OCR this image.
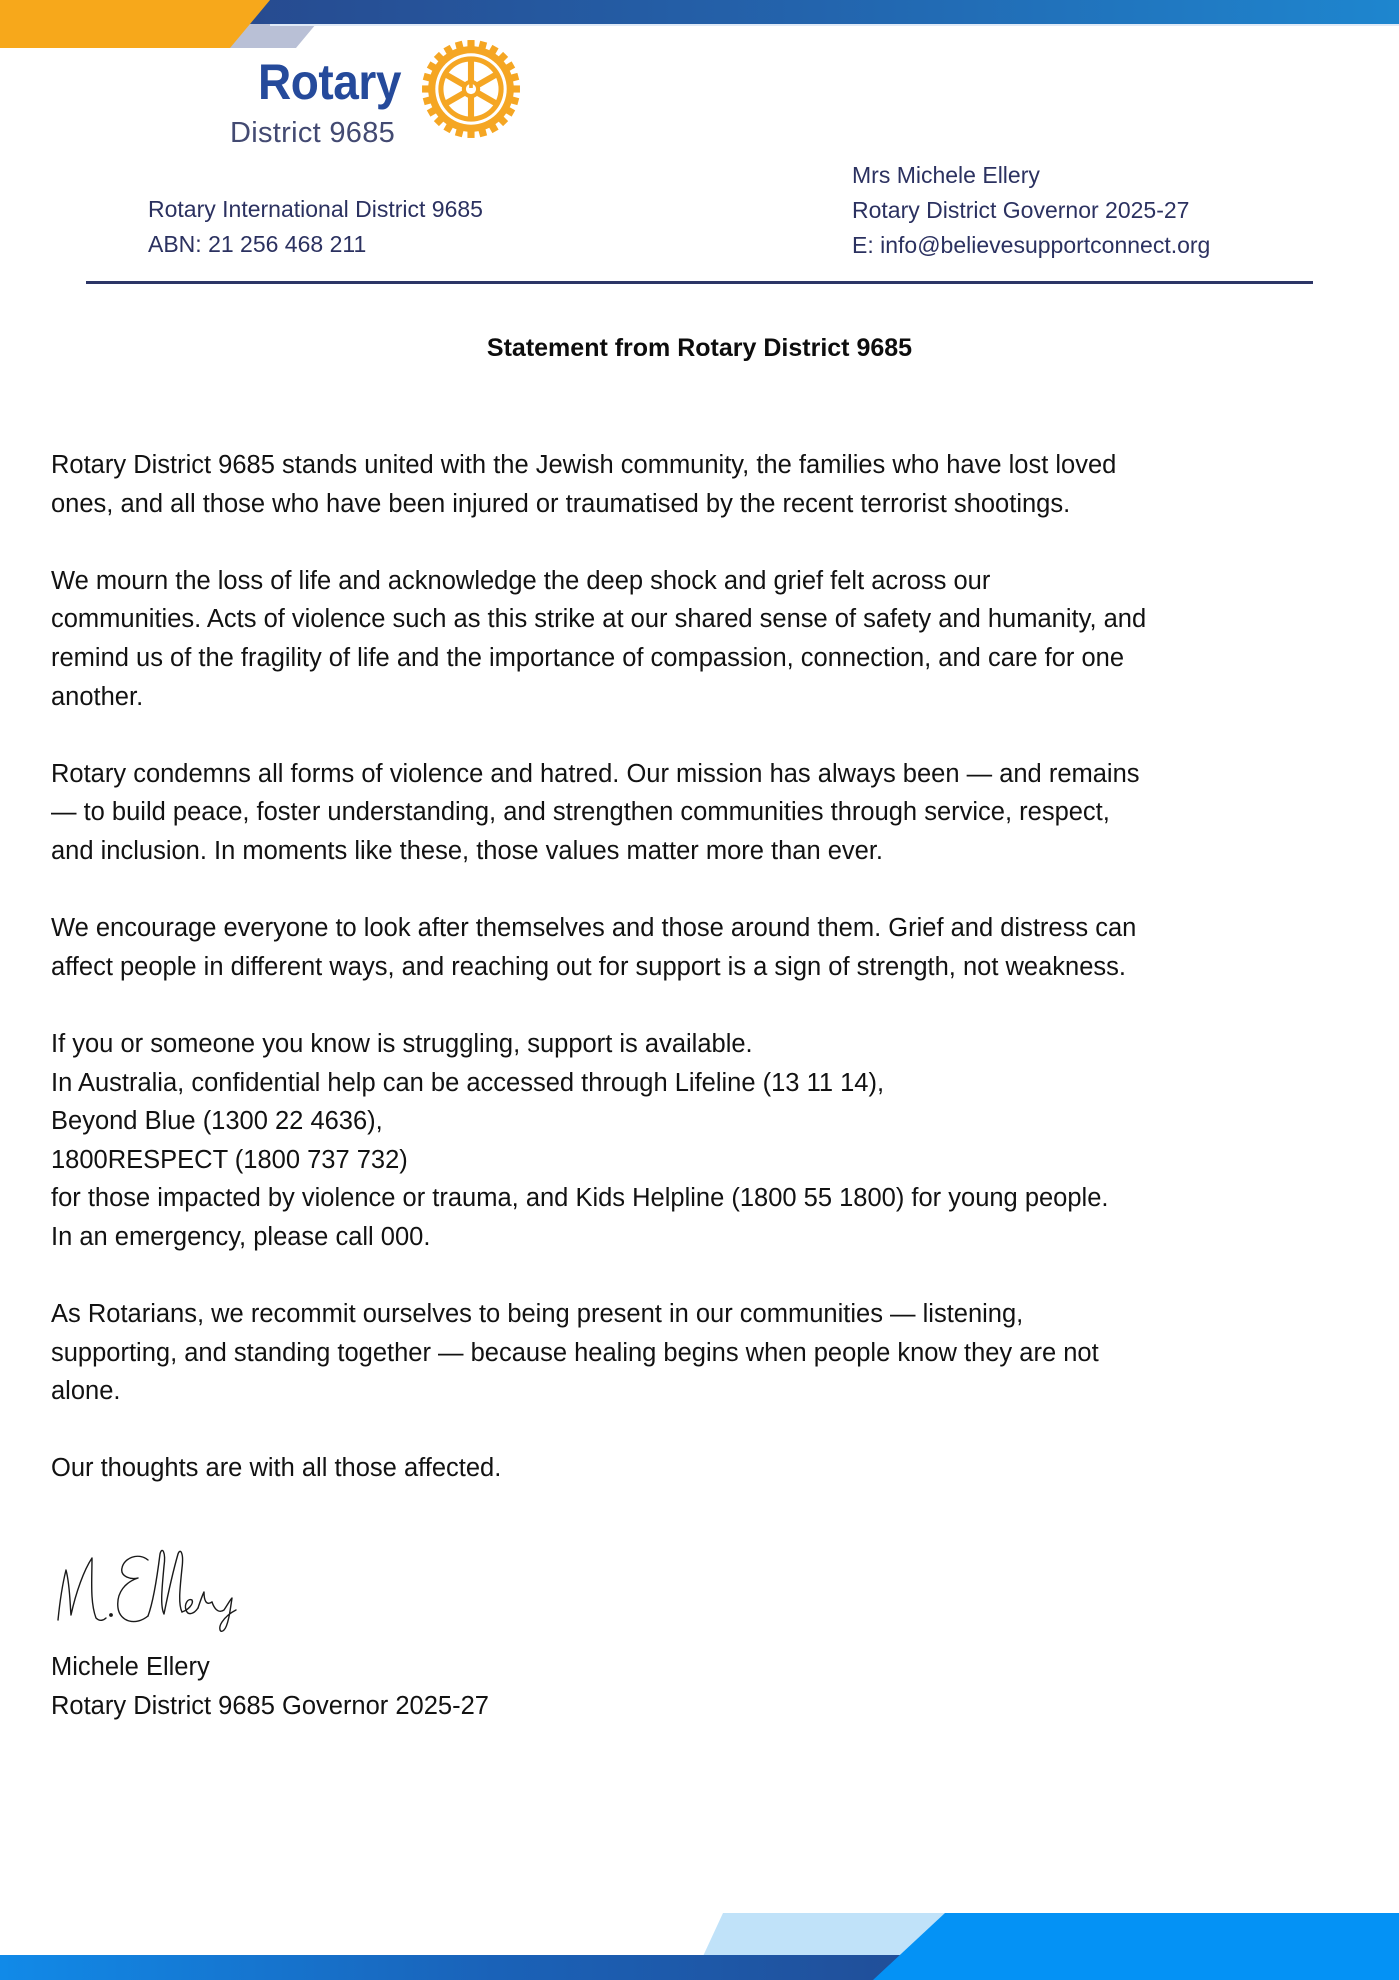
Rotary
District 9685
Rotary International District 9685
ABN: 21 256 468 211
Mrs Michele Ellery
Rotary District Governor 2025-27
E: info@believesupportconnect.org
Statement from Rotary District 9685

Rotary District 9685 stands united with the Jewish community, the families who have lost loved
ones, and all those who have been injured or traumatised by the recent terrorist shootings.

We mourn the loss of life and acknowledge the deep shock and grief felt across our
communities. Acts of violence such as this strike at our shared sense of safety and humanity, and
remind us of the fragility of life and the importance of compassion, connection, and care for one
another.

Rotary condemns all forms of violence and hatred. Our mission has always been — and remains
— to build peace, foster understanding, and strengthen communities through service, respect,
and inclusion. In moments like these, those values matter more than ever.

We encourage everyone to look after themselves and those around them. Grief and distress can
affect people in different ways, and reaching out for support is a sign of strength, not weakness.

If you or someone you know is struggling, support is available.
In Australia, confidential help can be accessed through Lifeline (13 11 14),
Beyond Blue (1300 22 4636),
1800RESPECT (1800 737 732)
for those impacted by violence or trauma, and Kids Helpline (1800 55 1800) for young people.
In an emergency, please call 000.

As Rotarians, we recommit ourselves to being present in our communities — listening,
supporting, and standing together — because healing begins when people know they are not
alone.

Our thoughts are with all those affected.

Michele Ellery
Rotary District 9685 Governor 2025-27
